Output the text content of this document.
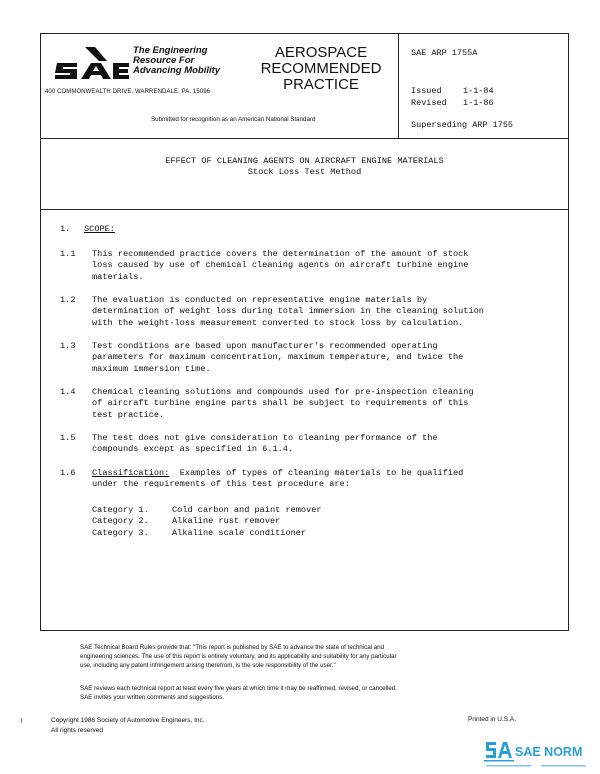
The Engineering
Resource For
Advancing Mobility
400 COMMONWEALTH DRIVE, WARRENDALE, PA. 15096
Submitted for recognition as an American National Standard
AEROSPACE
RECOMMENDED
PRACTICE
SAE ARP 1755A
Issued	1-1-84
Revised 1-1-86
Superseding ARP 1755
EFFECT OF CLEANING AGENTS ON AIRCRAFT ENGINE MATERIALS
Stock Loss Test Method
1. SCOPE:
1.1 This recommended practice covers the determination of the amount of stock
loss caused by use of chemical cleaning agents on aircraft turbine engine
materials.
1.2 The evaluation is conducted on representative engine materials by
determination of weight loss during total immersion in the cleaning solution
with the weight-loss measurement converted to stock loss by calculation.
1.3 Test conditions are based upon manufacturer's recommended operating
parameters for maximum concentration, maximum temperature, and twice the
maximum immersion time.
1.4 Chemical cleaning solutions and compounds used for pre-inspection cleaning
of aircraft turbine engine parts shall be subject to requirements of this
test practice.
1.5 The test does not give consideration to cleaning performance of the
compounds except as specified in 6.1.4.
1.6 Classification: Examples of types of cleaning materials to be qualified
under the requirements of this test procedure are:
Category 1.	Cold carbon and paint remover
Category 2.	Alkaline rust remover
Category 3.	Alkaline scale conditioner
SAE Technical Board Rules provide that: "This report is published by SAE to advance the state of technical and
engineering sciences. The use of this report is entirely voluntary, and its applicability and suitability for any particular
use, including any patent infringement arising therefrom, is the sole responsibility of the user."
SAE reviews each technical report at least every five years at which time it may be reaffirmed, revised, or cancelled.
SAE invites your written comments and suggestions.
Copyright 1986 Society of Automotive Engineers, Inc.
All rights reserved
Printed in U.S.A.
SAE NORM
